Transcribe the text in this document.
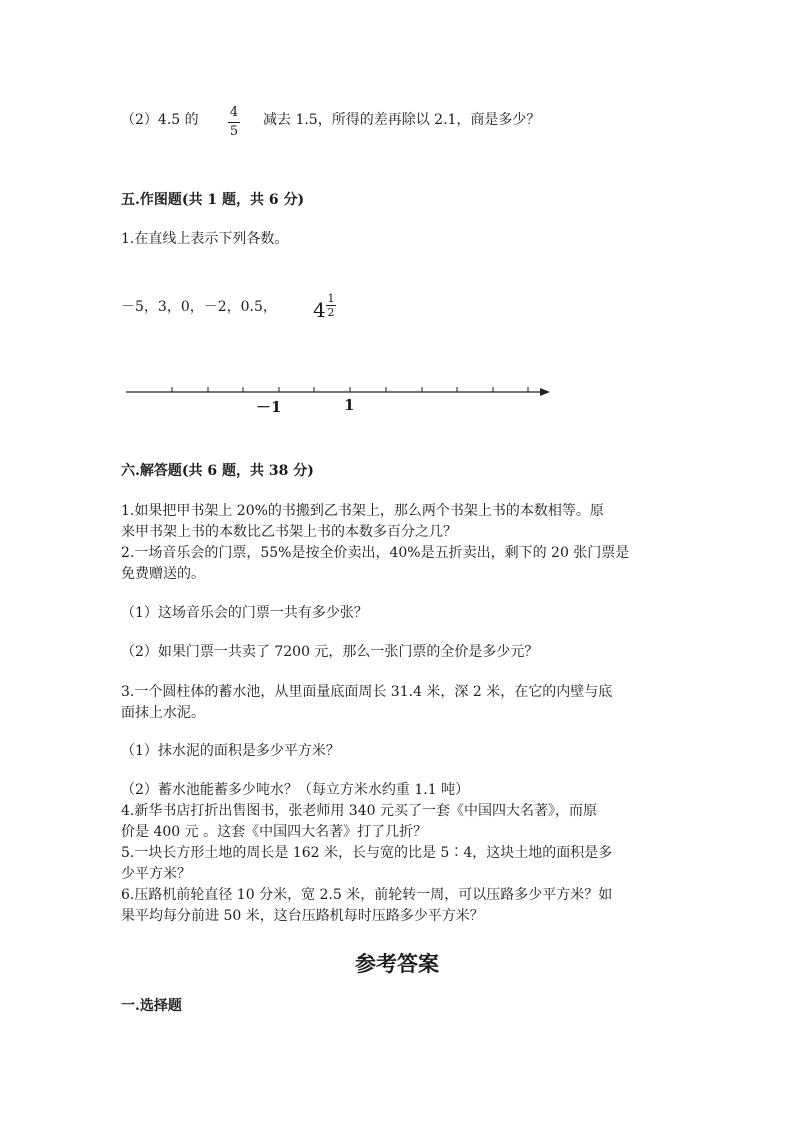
（2）4.5 的	4
5
减去 1.5，所得的差再除以 2.1，商是多少？
五.作图题(共 1 题，共 6 分)
1.在直线上表示下列各数。
－5，3，0，－2，0.5， 4 1
2
－1	1
六.解答题(共 6 题，共 38 分)
1.如果把甲书架上 20%的书搬到乙书架上，那么两个书架上书的本数相等。原
来甲书架上书的本数比乙书架上书的本数多百分之几？
2.一场音乐会的门票，55%是按全价卖出，40%是五折卖出，剩下的 20 张门票是
免费赠送的。
（1）这场音乐会的门票一共有多少张？
（2）如果门票一共卖了 7200 元，那么一张门票的全价是多少元？
3.一个圆柱体的蓄水池，从里面量底面周长 31.4 米，深 2 米，在它的内壁与底
面抹上水泥。
（1）抹水泥的面积是多少平方米？
（2）蓄水池能蓄多少吨水？（每立方米水约重 1.1 吨）
4.新华书店打折出售图书，张老师用 340 元买了一套《中国四大名著》，而原
价是 400 元 。这套《中国四大名著》打了几折？
5.一块长方形土地的周长是 162 米，长与宽的比是 5∶4，这块土地的面积是多
少平方米？
6.压路机前轮直径 10 分米，宽 2.5 米，前轮转一周，可以压路多少平方米？如
果平均每分前进 50 米，这台压路机每时压路多少平方米？
参考答案
一.选择题
